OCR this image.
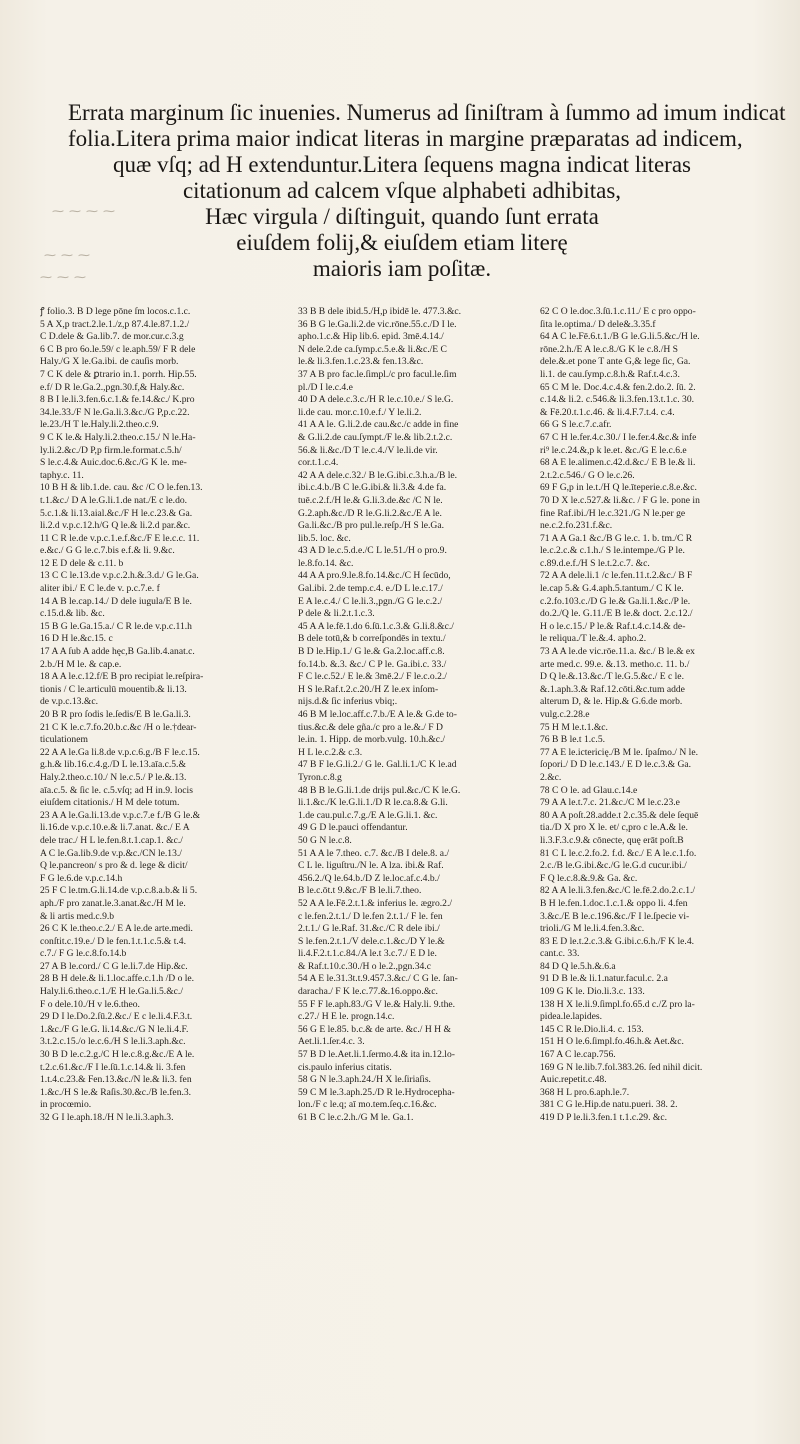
Errata marginum ſic inuenies. Numerus ad ſiniſtram à ſummo ad imum indicat
folia.Litera prima maior indicat literas in margine præparatas ad indicem,
quæ vſq; ad H extenduntur.Litera ſequens magna indicat literas
citationum ad calcem vſque alphabeti adhibitas,
Hæc virgula / diſtinguit, quando ſunt errata
eiuſdem folij,& eiuſdem etiam literę
maioris iam poſitæ.
⁓ ⁓ ⁓ ⁓
⁓ ⁓ ⁓
⁓ ⁓ ⁓
ꝭ folio.3. B D lege pōne ſm locos.c.1.c.
5 A X,p tract.2.le.1./z,p 87.4.le.87.1.2./
C D.dele & Ga.lib.7. de mor.cur.c.3.g
6 C B pro 6o.le.59/ c le.aph.59/ F R dele
Haly./G X le.Ga.ibi. de cauſis morb.
7 C K dele & ꝑtrario in.1. porrh. Hip.55.
e.f/ D R le.Ga.2.,pgn.30.f,& Haly.&c.
8 B I le.li.3.fen.6.c.1.& fe.14.&c./ K.pro
34.le.33./F N le.Ga.li.3.&c./G P,p.c.22.
le.23./H T le.Haly.li.2.theo.c.9.
9 C K le.& Haly.li.2.theo.c.15./ N le.Ha-
ly.li.2.&c./D P,p firm.le.format.c.5.h/
S le.c.4.& Auic.doc.6.&c./G K le. me-
taphy.c. 11.
10 B H & lib.1.de. cau. &c /C O le.fen.13.
t.1.&c./ D A le.G.li.1.de nat./E c le.do.
5.c.1.& li.13.aial.&c./F H le.c.23.& Ga.
li.2.d v.p.c.12.h/G Q le.& li.2.d par.&c.
11 C R le.de v.p.c.1.e.f.&c./F E le.c.c. 11.
e.&c./ G G le.c.7.bis e.f.& li. 9.&c.
12 E D dele & c.11. b
13 C C le.13.de v.p.c.2.h.&.3.d./ G le.Ga.
aliter ibi./ E C le.de v. p.c.7.e. f
14 A B le.cap.14./ D dele iugula/E B le.
c.15.d.& lib. &c.
15 B G le.Ga.15.a./ C R le.de v.p.c.11.h
16 D H le.&c.15. c
17 A A ſub A adde hęc,B Ga.lib.4.anat.c.
2.b./H M le. & cap.e.
18 A A le.c.12.f/E B pro recipiat le.reſpira-
tionis / C le.articulū mouentib.& li.13.
de v.p.c.13.&c.
20 B R pro ſodis le.ſedis/E B le.Ga.li.3.
21 C K le.c.7.fo.20.b.c.&c /H o le.†dear-
ticulationem
22 A A le.Ga li.8.de v.p.c.6.g./B F le.c.15.
g.h.& lib.16.c.4.g./D L le.13.aīa.c.5.&
Haly.2.theo.c.10./ N le.c.5./ P le.&.13.
aīa.c.5. & ſic le. c.5.vſq; ad H in.9. locis
eiuſdem citationis./ H M dele totum.
23 A A le.Ga.li.13.de v.p.c.7.e f./B G le.&
li.16.de v.p.c.10.e.& li.7.anat. &c./ E A
dele trac./ H L le.fen.8.t.1.cap.1. &c./
A C le.Ga.lib.9.de v.p.&c./CN le.13./
Q le.pancreon/ s pro & d. lege & dicit/
F G le.6.de v.p.c.14.h
25 F C le.tm.G.li.14.de v.p.c.8.a.b.& li 5.
aph./F pro zanat.le.3.anat.&c./H M le.
& li artis med.c.9.b
26 C K le.theo.c.2./ E A le.de arte.medi.
conſtit.c.19.e./ D le fen.1.t.1.c.5.& t.4.
c.7./ F G le.c.8.fo.14.b
27 A B le.cord./ C G le.li.7.de Hip.&c.
28 B H dele.& li.1.loc.affe.c.1.h /D o le.
Haly.li.6.theo.c.1./E H le.Ga.li.5.&c./
F o dele.10./H v le.6.theo.
29 D I le.Do.2.ſū.2.&c./ E c le.li.4.F.3.t.
1.&c./F G le.G. li.14.&c./G N le.li.4.F.
3.t.2.c.15./o le.c.6./H S le.li.3.aph.&c.
30 B D le.c.2.g./C H le.c.8.g.&c./E A le.
t.2.c.61.&c./F I le.ſū.1.c.14.& li. 3.fen
1.t.4.c.23.& Fen.13.&c./N le.& li.3. fen
1.&c./H S le.& Raſis.30.&c./B le.fen.3.
in procœmio.
32 G I le.aph.18./H N le.li.3.aph.3.
33 B B dele ibid.5./H,p ibidē le. 477.3.&c.
36 B G le.Ga.li.2.de vic.rōne.55.c./D I le.
apho.1.c.& Hip lib.6. epid. 3mē.4.14./
N dele.2.de ca.ſymp.c.5.e.& li.&c./E C
le.& li.3.fen.1.c.23.& fen.13.&c.
37 A B pro fac.le.ſimpl./c pro facul.le.ſim
pl./D I le.c.4.e
40 D A dele.c.3.c./H R le.c.10.e./ S le.G.
li.de cau. mor.c.10.e.f./ Y le.li.2.
41 A A le. G.li.2.de cau.&c./c adde in fine
& G.li.2.de cau.ſympt./F le.& lib.2.t.2.c.
56.& li.&c./D T le.c.4./V le.li.de vir.
cor.t.1.c.4.
42 A A dele.c.32./ B le.G.ibi.c.3.h.a./B le.
ibi.c.4.b./B C le.G.ibi.& li.3.& 4.de fa.
tuē.c.2.f./H le.& G.li.3.de.&c /C N le.
G.2.aph.&c./D R le.G.li.2.&c./E A le.
Ga.li.&c./B pro pul.le.reſp./H S le.Ga.
lib.5. loc. &c.
43 A D le.c.5.d.e./C L le.51./H o pro.9.
le.8.fo.14. &c.
44 A A pro.9.le.8.fo.14.&c./C H ſecūdo,
Gal.ibi. 2.de temp.c.4. e./D L le.c.17./
E A le.c.4./ C le.li.3.,pgn./G G le.c.2./
P dele & li.2.t.1.c.3.
45 A A le.fē.1.do 6.ſū.1.c.3.& G.li.8.&c./
B dele totū,& b correſpondēs in textu./
B D le.Hip.1./ G le.& Ga.2.loc.aff.c.8.
fo.14.b. &.3. &c./ C P le. Ga.ibi.c. 33./
F C le.c.52./ E le.& 3mē.2./ F le.c.o.2./
H S le.Raf.t.2.c.20./H Z le.ex inſom-
nijs.d.& ſic inferius vbiq;.
46 B M le.loc.aff.c.7.b./E A le.& G.de to-
tius.&c.& dele gña./c pro a le.&./ F D
le.in. 1. Hipp. de morb.vulg. 10.h.&c./
H L le.c.2.& c.3.
47 B F le.G.li.2./ G le. Gal.li.1./C K le.ad
Tyron.c.8.g
48 B B le.G.li.1.de drijs pul.&c./C K le.G.
li.1.&c./K le.G.li.1./D R le.ca.8.& G.li.
1.de cau.pul.c.7.g./E A le.G.li.1. &c.
49 G D le.pauci offendantur.
50 G N le.c.8.
51 A A le 7.theo. c.7. &c./B I dele.8. a./
C L le. liguſtru./N le. A lza. ibi.& Raf.
456.2./Q le.64.b./D Z le.loc.af.c.4.b./
B le.c.ōt.t 9.&c./F B le.li.7.theo.
52 A A le.Fē.2.t.1.& inferius le. ægro.2./
c le.fen.2.t.1./ D le.fen 2.t.1./ F le. fen
2.t.1./ G le.Raf. 31.&c./C R dele ibi./
S le.fen.2.t.1./V dele.c.1.&c./D Y le.&
li.4.F.2.t.1.c.84./A le.t 3.c.7./ E D le.
& Raf.t.10.c.30./H o le.2.,pgn.34.c
54 A E le.31.3t.t.9.457.3.&c./ C G le. ſan-
daracha./ F K le.c.77.&.16.oppo.&c.
55 F F le.aph.83./G V le.& Haly.li. 9.the.
c.27./ H E le. progn.14.c.
56 G E le.85. b.c.& de arte. &c./ H H &
Aet.li.1.ſer.4.c. 3.
57 B D le.Aet.li.1.ſermo.4.& ita in.12.lo-
cis.paulo inferius citatis.
58 G N le.3.aph.24./H X le.ſiriaſis.
59 C M le.3.aph.25./D R le.Hydrocepha-
lon./F c le.q; aī mo.tem.ſeq.c.16.&c.
61 B C le.c.2.h./G M le. Ga.1.
62 C O le.doc.3.ſū.1.c.11./ E c pro oppo-
ſita le.optima./ D dele&.3.35.f
64 A C le.Fē.6.t.1./B G le.G.li.5.&c./H le.
rōne.2.h./E A le.c.8./G K le c.8./H S
dele.&.et pone T ante G,& lege ſic, Ga.
li.1. de cau.ſymp.c.8.h.& Raf.t.4.c.3.
65 C M le. Doc.4.c.4.& fen.2.do.2. ſū. 2.
c.14.& li.2. c.546.& li.3.fen.13.t.1.c. 30.
& Fē.20.t.1.c.46. & li.4.F.7.t.4. c.4.
66 G S le.c.7.c.afr.
67 C H le.fer.4.c.30./ I le.fer.4.&c.& infe
ri⁹ le.c.24.&,p k le.et. &c./G E le.c.6.e
68 A E le.alimen.c.42.d.&c./ E B le.& li.
2.t.2.c.546./ G O le.c.26.
69 F G,p in le.t./H Q le.īteperie.c.8.e.&c.
70 D X le.c.527.& li.&c. / F G le. pone in
fine Raf.ibi./H le.c.321./G N le.per ge
ne.c.2.fo.231.f.&c.
71 A A Ga.1 &c./B G le.c. 1. b. tm./C R
le.c.2.c.& c.1.h./ S le.intempe./G P le.
c.89.d.e.f./H S le.t.2.c.7. &c.
72 A A dele.li.1 /c le.fen.11.t.2.&c./ B F
le.cap 5.& G.4.aph.5.tantum./ C K le.
c.2.fo.103.c./D G le.& Ga.li.1.&c./P le.
do.2./Q le. G.11./E B le.& doct. 2.c.12./
H o le.c.15./ P le.& Raf.t.4.c.14.& de-
le reliqua./T le.&.4. apho.2.
73 A A le.de vic.rōe.11.a. &c./ B le.& ex
arte med.c. 99.e. &.13. metho.c. 11. b./
D Q le.&.13.&c./T le.G.5.&c./ E c le.
&.1.aph.3.& Raf.12.cōti.&c.tum adde
alterum D, & le. Hip.& G.6.de morb.
vulg.c.2.28.e
75 H M le.t.1.&c.
76 B B le.t 1.c.5.
77 A E le.ictericię./B M le. ſpaſmo./ N le.
ſopori./ D D le.c.143./ E D le.c.3.& Ga.
2.&c.
78 C O le. ad Glau.c.14.e
79 A A le.t.7.c. 21.&c./C M le.c.23.e
80 A A poſt.28.adde.t 2.c.35.& dele ſequē
tia./D X pro X le. et/ c,pro c le.A.& le.
li.3.F.3.c.9.& cōnecte, quę erāt poſt.B
81 C L le.c.2.fo.2. f.d. &c./ E A le.c.1.fo.
2.c./B le.G.ibi.&c./G le.G.d cucur.ibi./
F Q le.c.8.&.9.& Ga. &c.
82 A A le.li.3.fen.&c./C le.fē.2.do.2.c.1./
B H le.fen.1.doc.1.c.1.& oppo li. 4.fen
3.&c./E B le.c.196.&c./F I le.ſpecie vi-
trioli./G M le.li.4.fen.3.&c.
83 E D le.t.2.c.3.& G.ibi.c.6.h./F K le.4.
cant.c. 33.
84 D Q le.5.h.&.6.a
91 D B le.& li.1.natur.facul.c. 2.a
109 G K le. Dio.li.3.c. 133.
138 H X le.li.9.ſimpl.fo.65.d c./Z pro la-
pidea.le.lapides.
145 C R le.Dio.li.4. c. 153.
151 H O le.6.ſimpl.fo.46.h.& Aet.&c.
167 A C le.cap.756.
169 G N le.lib.7.fol.383.26. ſed nihil dicit.
Auic.repetit.c.48.
368 H L pro.6.aph.le.7.
381 C G le.Hip.de natu.pueri. 38. 2.
419 D P le.li.3.fen.1 t.1.c.29. &c.
